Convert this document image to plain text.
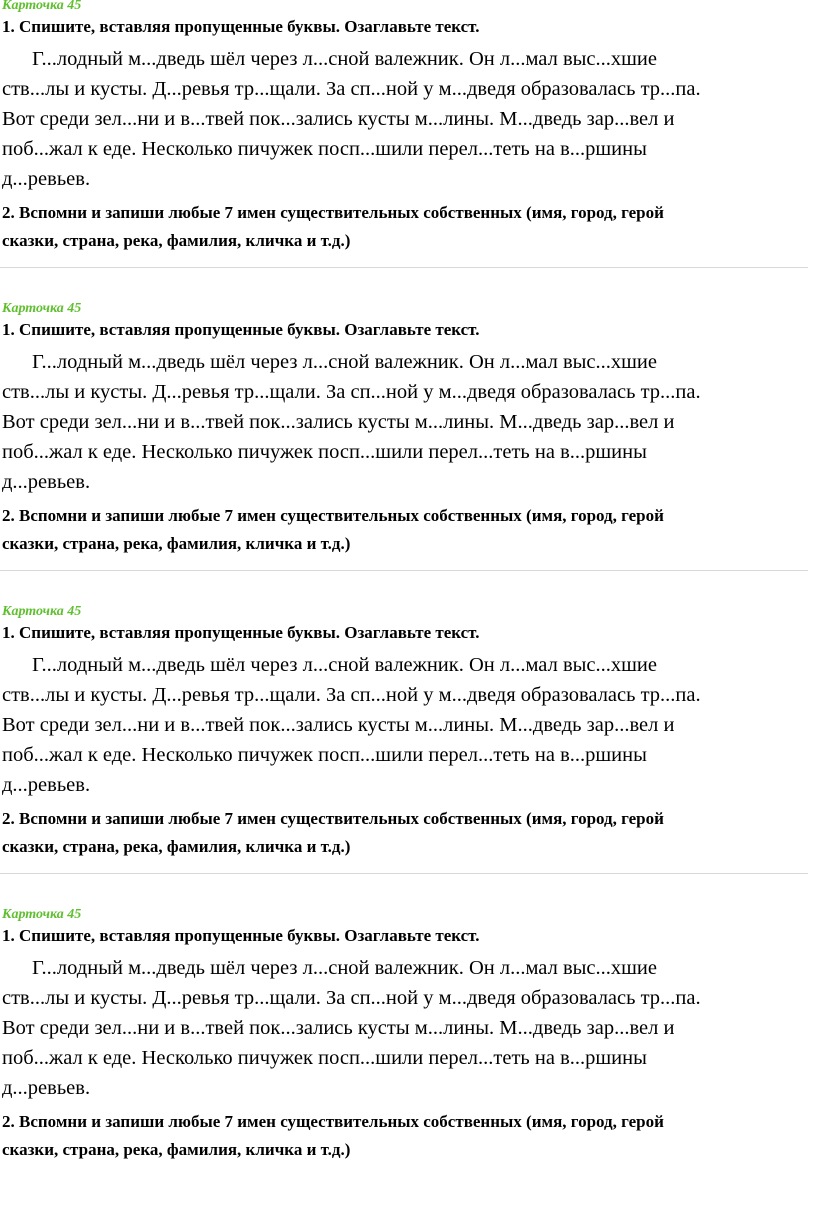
Карточка 45
1. Спишите, вставляя пропущенные буквы. Озаглавьте текст.
Г...лодный м...дведь шёл через л...сной валежник. Он л...мал выс...хшие
ств...лы и кусты. Д...ревья тр...щали. За сп...ной у м...дведя образовалась тр...па.
Вот среди зел...ни и в...твей пок...зались кусты м...лины. М...дведь зар...вел и
поб...жал к еде. Несколько пичужек посп...шили перел...теть на в...ршины
д...ревьев.
2. Вспомни и запиши любые 7 имен существительных собственных (имя, город, герой
сказки, страна, река, фамилия, кличка и т.д.)
Карточка 45
1. Спишите, вставляя пропущенные буквы. Озаглавьте текст.
Г...лодный м...дведь шёл через л...сной валежник. Он л...мал выс...хшие
ств...лы и кусты. Д...ревья тр...щали. За сп...ной у м...дведя образовалась тр...па.
Вот среди зел...ни и в...твей пок...зались кусты м...лины. М...дведь зар...вел и
поб...жал к еде. Несколько пичужек посп...шили перел...теть на в...ршины
д...ревьев.
2. Вспомни и запиши любые 7 имен существительных собственных (имя, город, герой
сказки, страна, река, фамилия, кличка и т.д.)
Карточка 45
1. Спишите, вставляя пропущенные буквы. Озаглавьте текст.
Г...лодный м...дведь шёл через л...сной валежник. Он л...мал выс...хшие
ств...лы и кусты. Д...ревья тр...щали. За сп...ной у м...дведя образовалась тр...па.
Вот среди зел...ни и в...твей пок...зались кусты м...лины. М...дведь зар...вел и
поб...жал к еде. Несколько пичужек посп...шили перел...теть на в...ршины
д...ревьев.
2. Вспомни и запиши любые 7 имен существительных собственных (имя, город, герой
сказки, страна, река, фамилия, кличка и т.д.)
Карточка 45
1. Спишите, вставляя пропущенные буквы. Озаглавьте текст.
Г...лодный м...дведь шёл через л...сной валежник. Он л...мал выс...хшие
ств...лы и кусты. Д...ревья тр...щали. За сп...ной у м...дведя образовалась тр...па.
Вот среди зел...ни и в...твей пок...зались кусты м...лины. М...дведь зар...вел и
поб...жал к еде. Несколько пичужек посп...шили перел...теть на в...ршины
д...ревьев.
2. Вспомни и запиши любые 7 имен существительных собственных (имя, город, герой
сказки, страна, река, фамилия, кличка и т.д.)
